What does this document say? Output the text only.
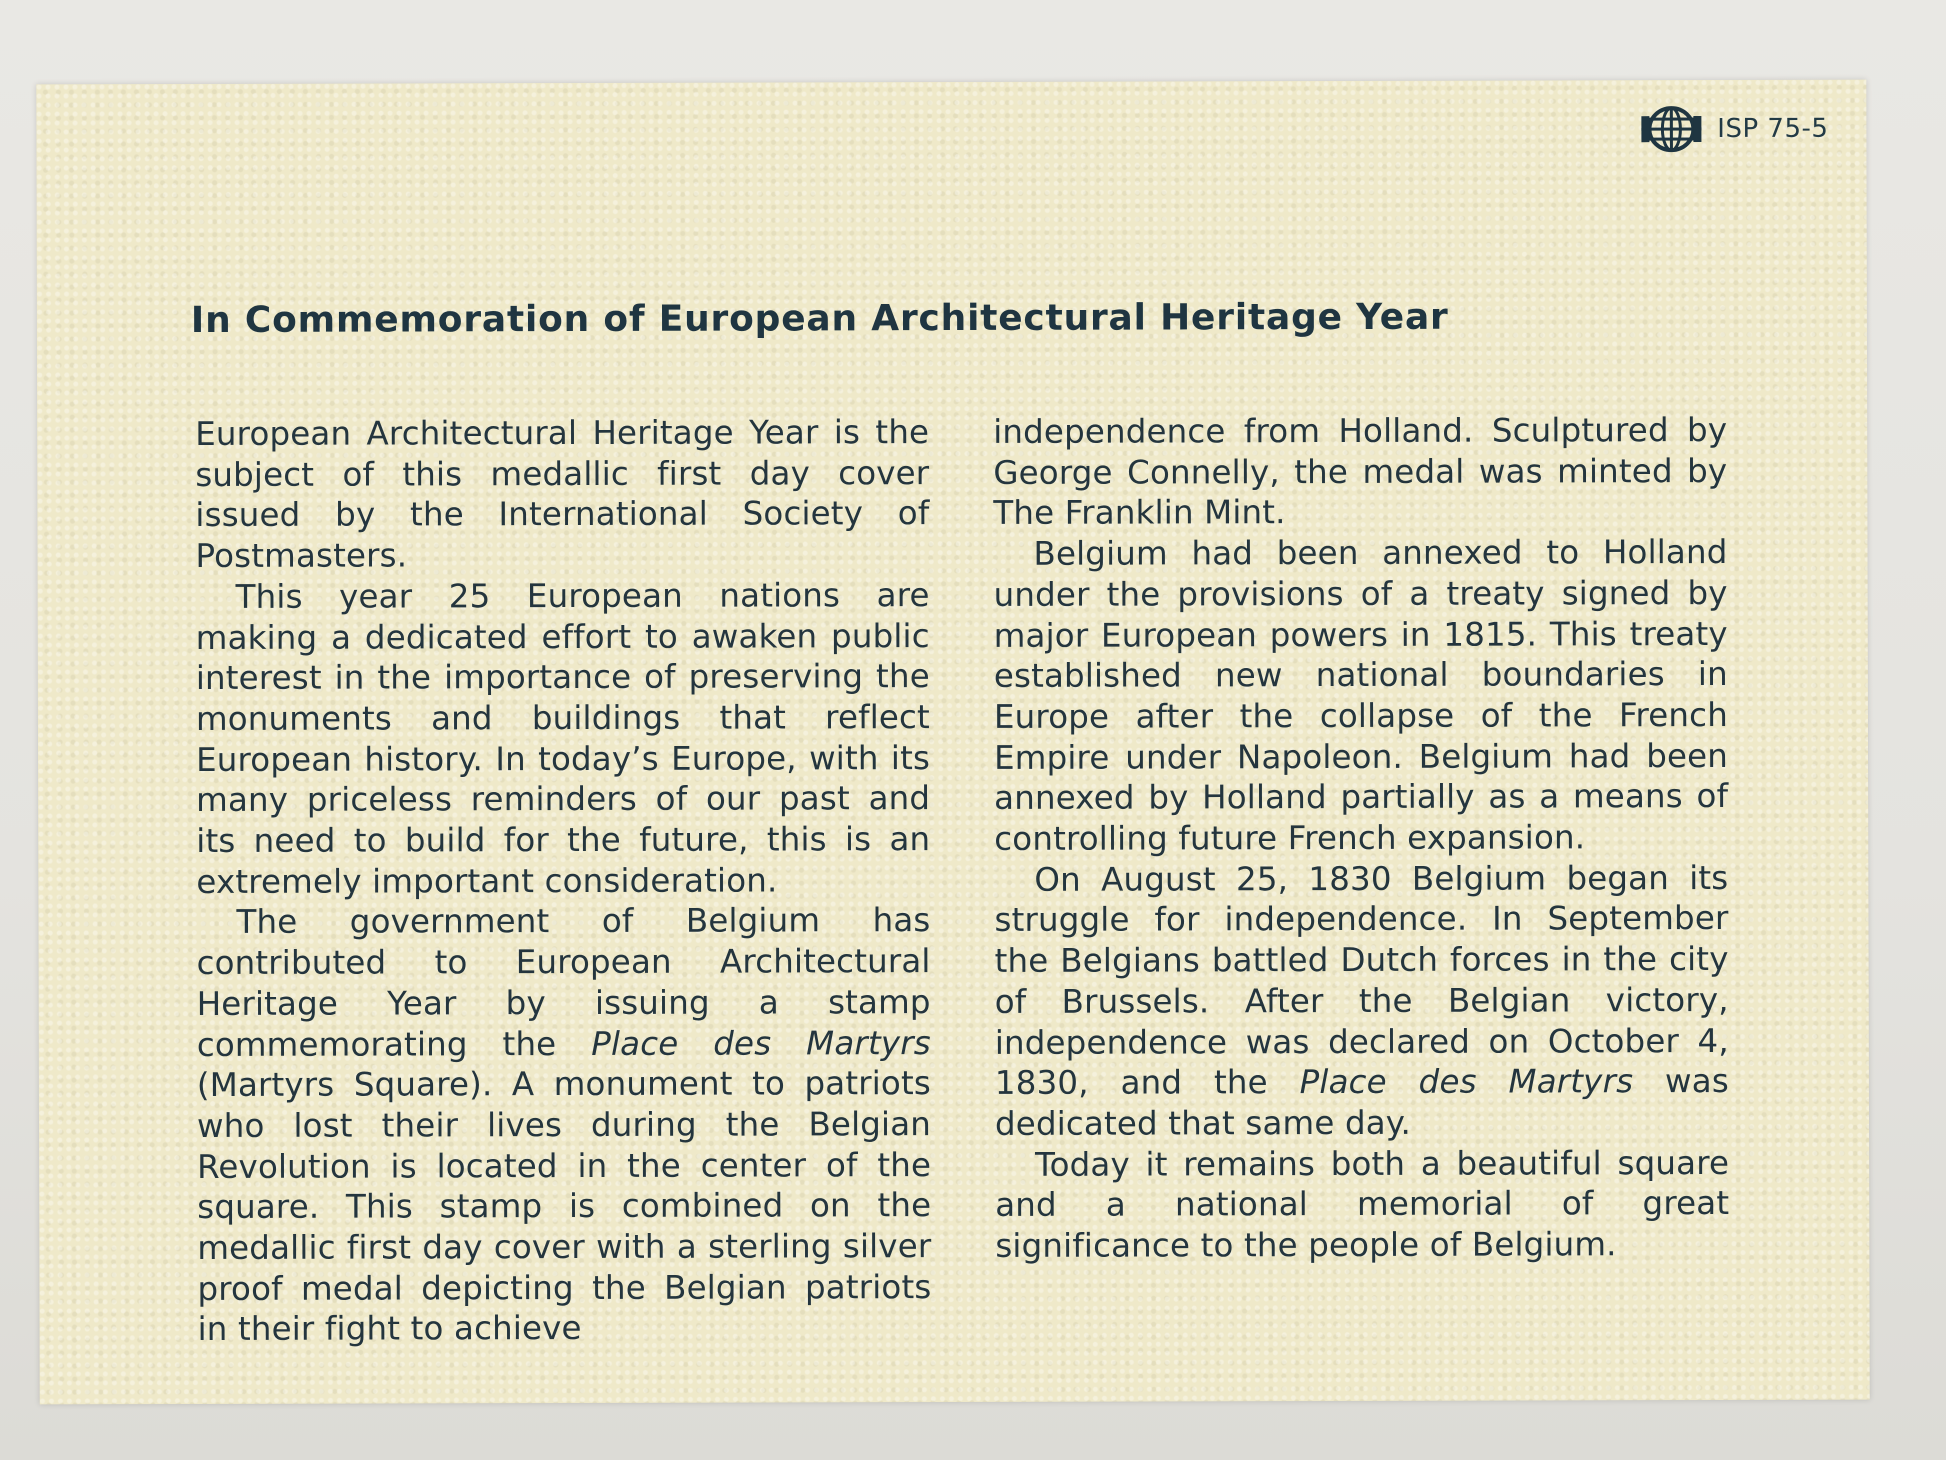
ISP 75-5
In Commemoration of European Architectural Heritage Year

European Architectural Heritage Year is the subject of this medallic first day cover issued by the International Society of Postmasters.

This year 25 European nations are making a dedicated effort to awaken public interest in the importance of preserving the monuments and buildings that reflect European history. In today’s Europe, with its many priceless reminders of our past and its need to build for the future, this is an extremely important consideration.

The government of Belgium has contributed to European Architectural Heritage Year by issuing a stamp commemorating the Place des Martyrs (Martyrs Square). A monument to patriots who lost their lives during the Belgian Revolution is located in the center of the square. This stamp is combined on the medallic first day cover with a sterling silver proof medal depicting the Belgian patriots in their fight to achieve

independence from Holland. Sculptured by George Connelly, the medal was minted by The Franklin Mint.

Belgium had been annexed to Holland under the provisions of a treaty signed by major European powers in 1815. This treaty established new national boundaries in Europe after the collapse of the French Empire under Napoleon. Belgium had been annexed by Holland partially as a means of controlling future French expansion.

On August 25, 1830 Belgium began its struggle for independence. In September the Belgians battled Dutch forces in the city of Brussels. After the Belgian victory, independence was declared on October 4, 1830, and the Place des Martyrs was dedicated that same day.

Today it remains both a beautiful square and a national memorial of great significance to the people of Belgium.
